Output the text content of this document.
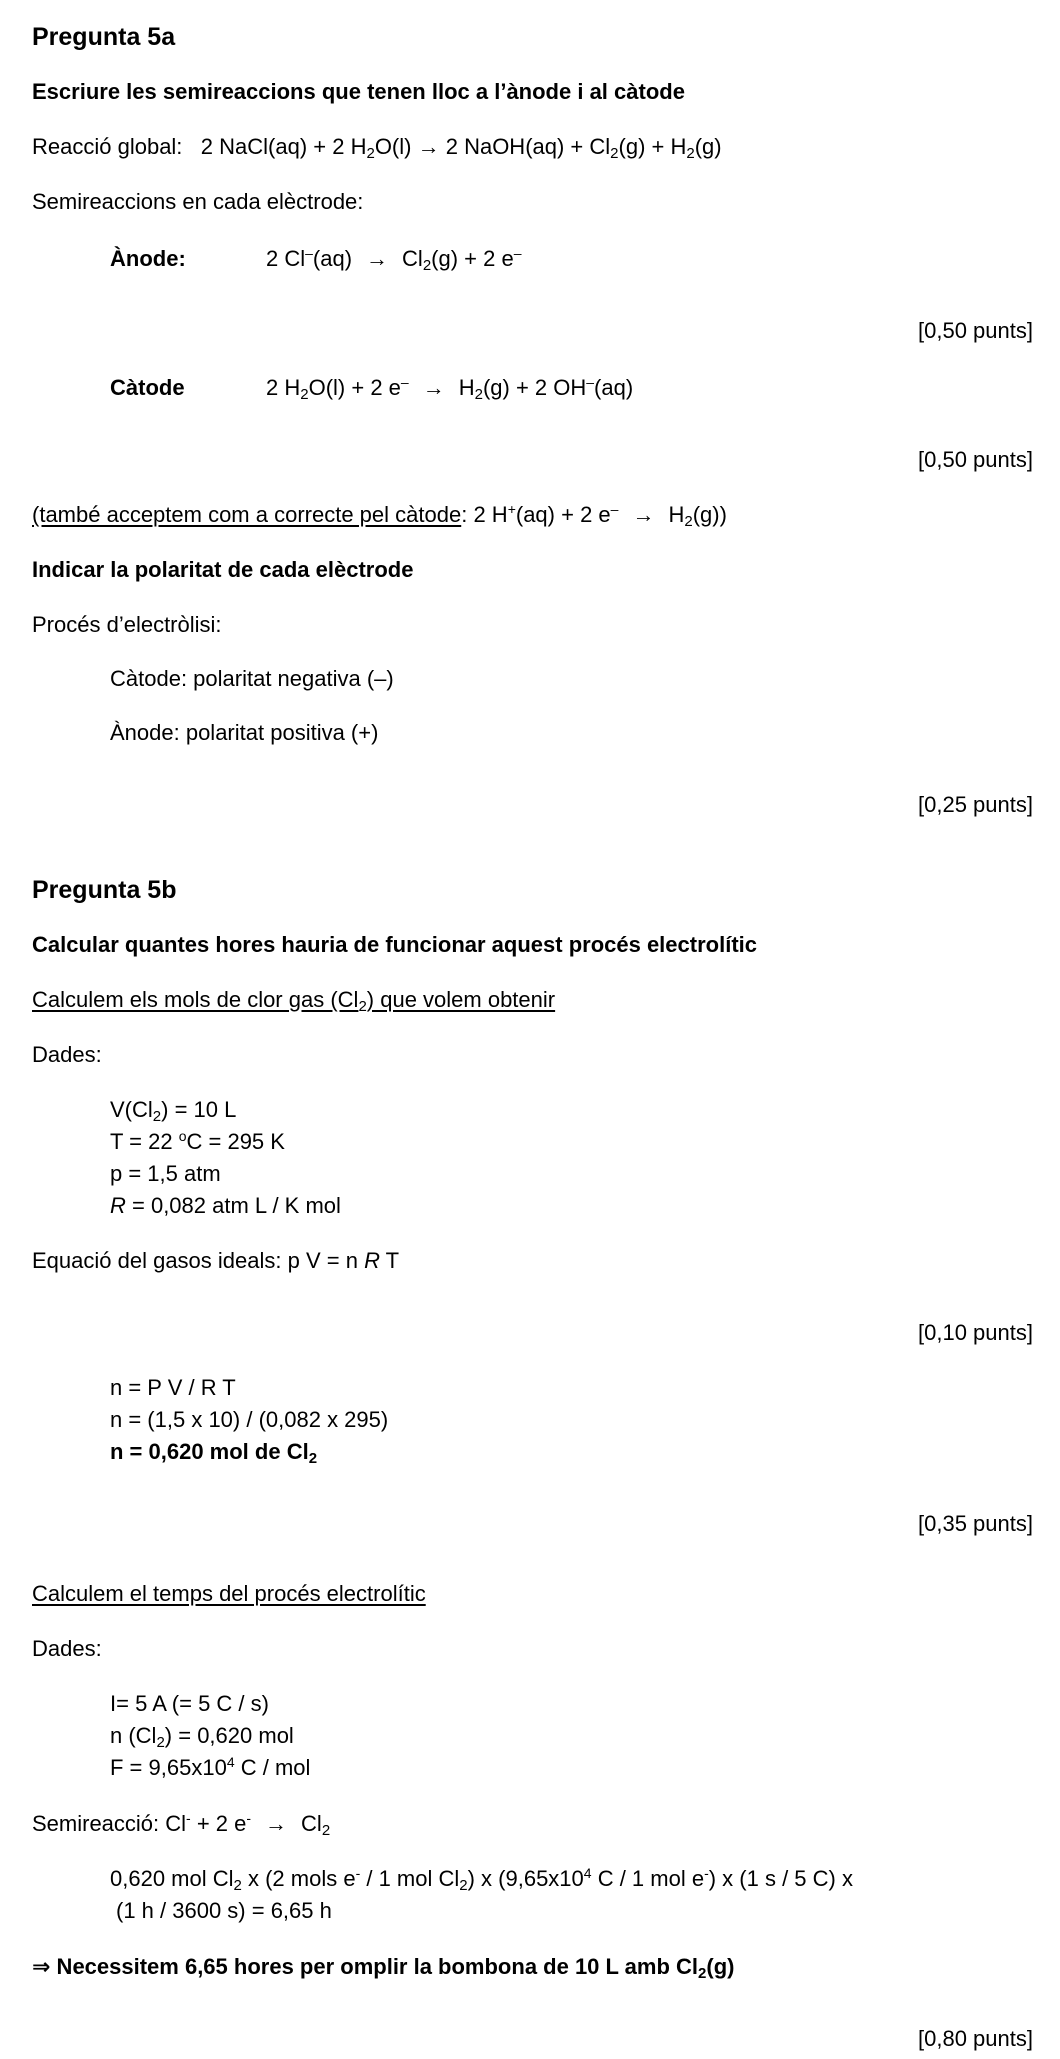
Pregunta 5a
Escriure les semireaccions que tenen lloc a l’ànode i al càtode
Reacció global: 2 NaCl(aq) + 2 $H_2O(l) \to 2$ NaOH(aq) + $Cl_2(g) + H_2(g)$
Semireaccions en cada elèctrode:
Ànode:	2 $Cl^-(aq) \to Cl_2(g) + 2$ e–
[0,50 punts]
Càtode	2 $H_2O(l) + 2$ $e^- \to H_2(g) + 2$ OH–(aq)
[0,50 punts]
(també acceptem com a correcte pel càtode: 2 H+(aq) + 2 $e^- \to H_2(g)$)
Indicar la polaritat de cada elèctrode
Procés d’electròlisi:
Càtode: polaritat negativa (–)
Ànode: polaritat positiva (+)
[0,25 punts]
Pregunta 5b
Calcular quantes hores hauria de funcionar aquest procés electrolític
Calculem els mols de clor gas $(Cl_2)$ que volem obtenir
Dades:
$V(Cl_2) = 10$ L
T = 22 $^o$C = 295 K
p = 1,5 atm
R = 0,082 atm L / K mol
Equació del gasos ideals: p V = n R T
[0,10 punts]
n = P V / R T
n = (1,5 x 10) / (0,082 x 295)
n = 0,620 mol de $Cl_2$
[0,35 punts]
Calculem el temps del procés electrolític
Dades:
I= 5 A (= 5 C / s)
n $(Cl_2) = 0,620$ mol
$F = 9,65x10^4$ C / mol
Semireacció: Cl- + 2 $e^- \to Cl_2$
0,620 mol $Cl_2$ x (2 mols e- / 1 mol $Cl_2$) x ($9,65x10^4$ C / 1 mol e-) x (1 s / 5 C) x
(1 h / 3600 s) = 6,65 h
⇒ Necessitem 6,65 hores per omplir la bombona de 10 L amb $Cl_2(g)$
[0,80 punts]
